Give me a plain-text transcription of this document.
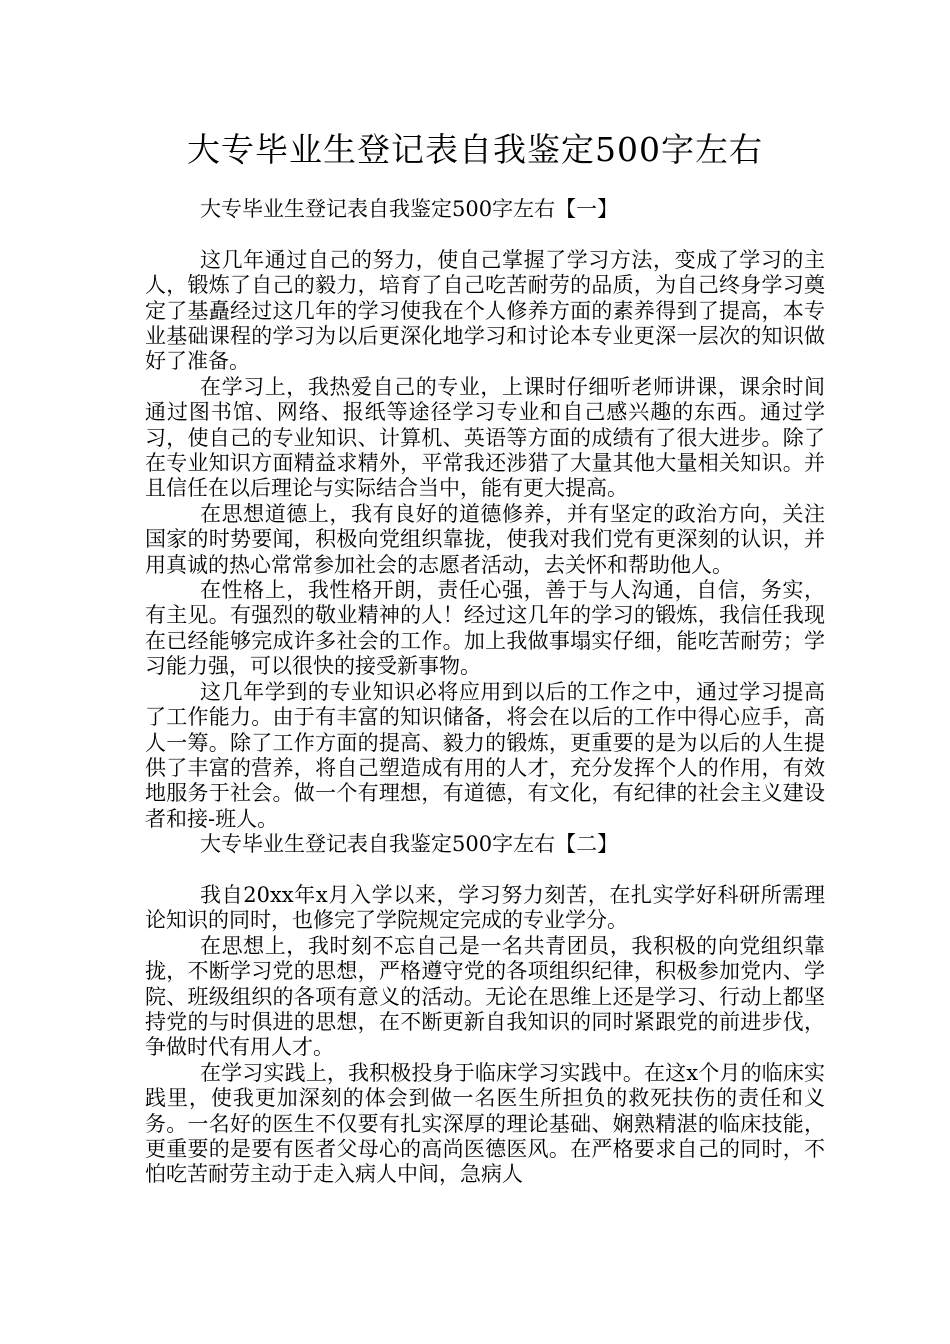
大专毕业生登记表自我鉴定500字左右

大专毕业生登记表自我鉴定500字左右【一】

这几年通过自己的努力，使自己掌握了学习方法，变成了学习的主人，锻炼了自己的毅力，培育了自己吃苦耐劳的品质，为自己终身学习奠定了基矗经过这几年的学习使我在个人修养方面的素养得到了提高，本专业基础课程的学习为以后更深化地学习和讨论本专业更深一层次的知识做好了准备。

在学习上，我热爱自己的专业，上课时仔细听老师讲课，课余时间通过图书馆、网络、报纸等途径学习专业和自己感兴趣的东西。通过学习，使自己的专业知识、计算机、英语等方面的成绩有了很大进步。除了在专业知识方面精益求精外，平常我还涉猎了大量其他大量相关知识。并且信任在以后理论与实际结合当中，能有更大提高。

在思想道德上，我有良好的道德修养，并有坚定的政治方向，关注国家的时势要闻，积极向党组织靠拢，使我对我们党有更深刻的认识，并用真诚的热心常常参加社会的志愿者活动，去关怀和帮助他人。

在性格上，我性格开朗，责任心强，善于与人沟通，自信，务实，有主见。有强烈的敬业精神的人！经过这几年的学习的锻炼，我信任我现在已经能够完成许多社会的工作。加上我做事塌实仔细，能吃苦耐劳；学习能力强，可以很快的接受新事物。

这几年学到的专业知识必将应用到以后的工作之中，通过学习提高了工作能力。由于有丰富的知识储备，将会在以后的工作中得心应手，高人一筹。除了工作方面的提高、毅力的锻炼，更重要的是为以后的人生提供了丰富的营养，将自己塑造成有用的人才，充分发挥个人的作用，有效地服务于社会。做一个有理想，有道德，有文化，有纪律的社会主义建设者和接-班人。

大专毕业生登记表自我鉴定500字左右【二】

我自20xx年x月入学以来，学习努力刻苦，在扎实学好科研所需理论知识的同时，也修完了学院规定完成的专业学分。

在思想上，我时刻不忘自己是一名共青团员，我积极的向党组织靠拢，不断学习党的思想，严格遵守党的各项组织纪律，积极参加党内、学院、班级组织的各项有意义的活动。无论在思维上还是学习、行动上都坚持党的与时俱进的思想，在不断更新自我知识的同时紧跟党的前进步伐，争做时代有用人才。

在学习实践上，我积极投身于临床学习实践中。在这x个月的临床实践里，使我更加深刻的体会到做一名医生所担负的救死扶伤的责任和义务。一名好的医生不仅要有扎实深厚的理论基础、娴熟精湛的临床技能，更重要的是要有医者父母心的高尚医德医风。在严格要求自己的同时，不怕吃苦耐劳主动于走入病人中间，急病人
